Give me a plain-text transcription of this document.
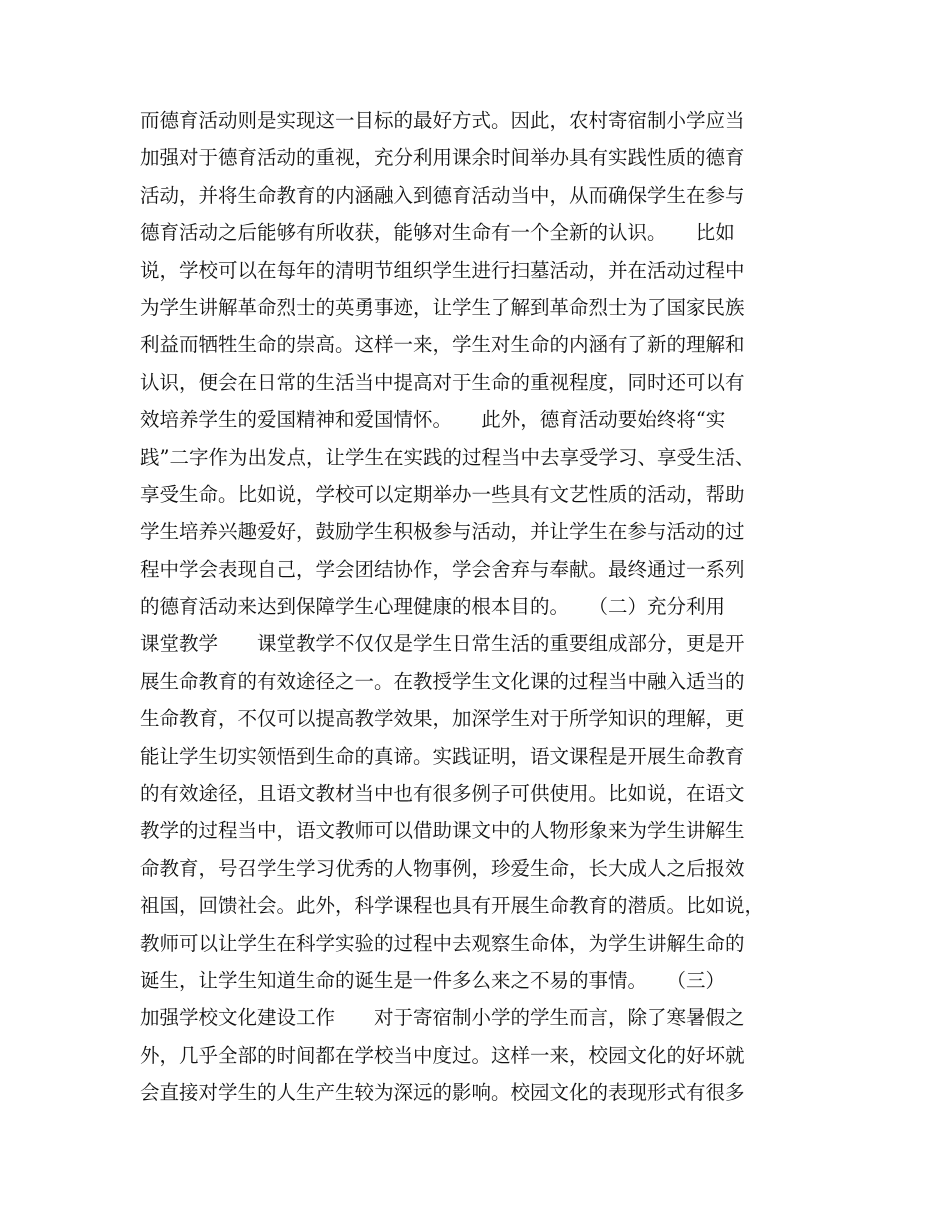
而德育活动则是实现这一目标的最好方式。因此，农村寄宿制小学应当
加强对于德育活动的重视，充分利用课余时间举办具有实践性质的德育
活动，并将生命教育的内涵融入到德育活动当中，从而确保学生在参与
德育活动之后能够有所收获，能够对生命有一个全新的认识。　　比如
说，学校可以在每年的清明节组织学生进行扫墓活动，并在活动过程中
为学生讲解革命烈士的英勇事迹，让学生了解到革命烈士为了国家民族
利益而牺牲生命的崇高。这样一来，学生对生命的内涵有了新的理解和
认识，便会在日常的生活当中提高对于生命的重视程度，同时还可以有
效培养学生的爱国精神和爱国情怀。　　此外，德育活动要始终将“实
践”二字作为出发点，让学生在实践的过程当中去享受学习、享受生活、
享受生命。比如说，学校可以定期举办一些具有文艺性质的活动，帮助
学生培养兴趣爱好，鼓励学生积极参与活动，并让学生在参与活动的过
程中学会表现自己，学会团结协作，学会舍弃与奉献。最终通过一系列
的德育活动来达到保障学生心理健康的根本目的。　　（二）充分利用
课堂教学　　课堂教学不仅仅是学生日常生活的重要组成部分，更是开
展生命教育的有效途径之一。在教授学生文化课的过程当中融入适当的
生命教育，不仅可以提高教学效果，加深学生对于所学知识的理解，更
能让学生切实领悟到生命的真谛。实践证明，语文课程是开展生命教育
的有效途径，且语文教材当中也有很多例子可供使用。比如说，在语文
教学的过程当中，语文教师可以借助课文中的人物形象来为学生讲解生
命教育，号召学生学习优秀的人物事例，珍爱生命，长大成人之后报效
祖国，回馈社会。此外，科学课程也具有开展生命教育的潜质。比如说，
教师可以让学生在科学实验的过程中去观察生命体，为学生讲解生命的
诞生，让学生知道生命的诞生是一件多么来之不易的事情。　　（三）
加强学校文化建设工作　　对于寄宿制小学的学生而言，除了寒暑假之
外，几乎全部的时间都在学校当中度过。这样一来，校园文化的好坏就
会直接对学生的人生产生较为深远的影响。校园文化的表现形式有很多
